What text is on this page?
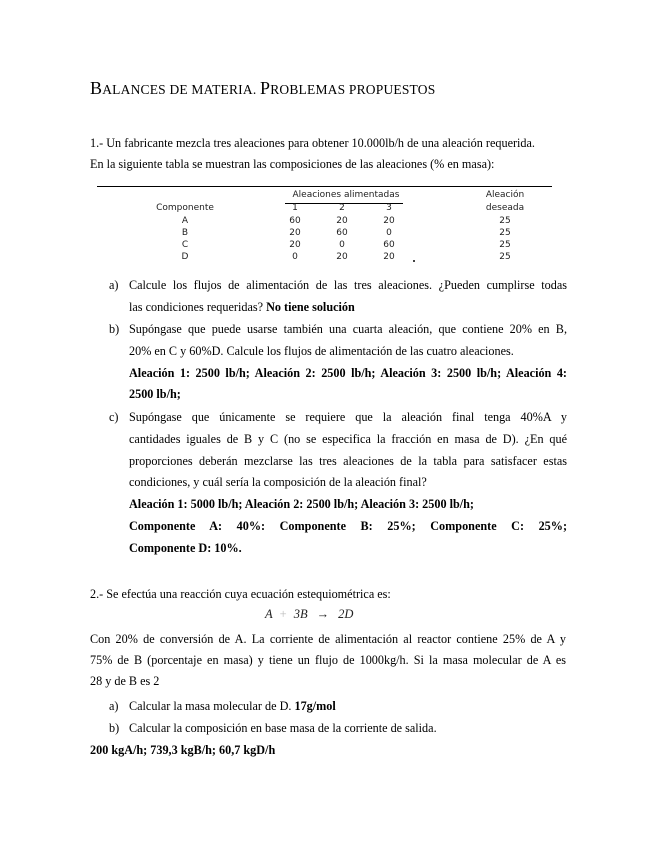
BALANCES DE MATERIA. PROBLEMAS PROPUESTOS
1.- Un fabricante mezcla tres aleaciones para obtener 10.000lb/h de una aleación requerida.
En la siguiente tabla se muestran las composiciones de las aleaciones (% en masa):
Aleaciones alimentadas	Aleación
Componente	1	2	3	deseada
A	60	20	20	25
B	20	60	0	25
C	20	0	60	25
D	0	20	20	25
a) Calcule los flujos de alimentación de las tres aleaciones. ¿Pueden cumplirse todas
las condiciones requeridas? No tiene solución
b) Supóngase que puede usarse también una cuarta aleación, que contiene 20% en B,
20% en C y 60%D. Calcule los flujos de alimentación de las cuatro aleaciones.
Aleación 1: 2500 lb/h; Aleación 2: 2500 lb/h; Aleación 3: 2500 lb/h; Aleación 4:
2500 lb/h;
c) Supóngase que únicamente se requiere que la aleación final tenga 40%A y
cantidades iguales de B y C (no se especifica la fracción en masa de D). ¿En qué
proporciones deberán mezclarse las tres aleaciones de la tabla para satisfacer estas
condiciones, y cuál sería la composición de la aleación final?
Aleación 1: 5000 lb/h; Aleación 2: 2500 lb/h; Aleación 3: 2500 lb/h;
Componente A: 40%: Componente B: 25%; Componente C: 25%;
Componente D: 10%.
2.- Se efectúa una reacción cuya ecuación estequiométrica es:
A + 3B → 2D
Con 20% de conversión de A. La corriente de alimentación al reactor contiene 25% de A y
75% de B (porcentaje en masa) y tiene un flujo de 1000kg/h. Si la masa molecular de A es
28 y de B es 2
a) Calcular la masa molecular de D. 17g/mol
b) Calcular la composición en base masa de la corriente de salida.
200 kgA/h; 739,3 kgB/h; 60,7 kgD/h
